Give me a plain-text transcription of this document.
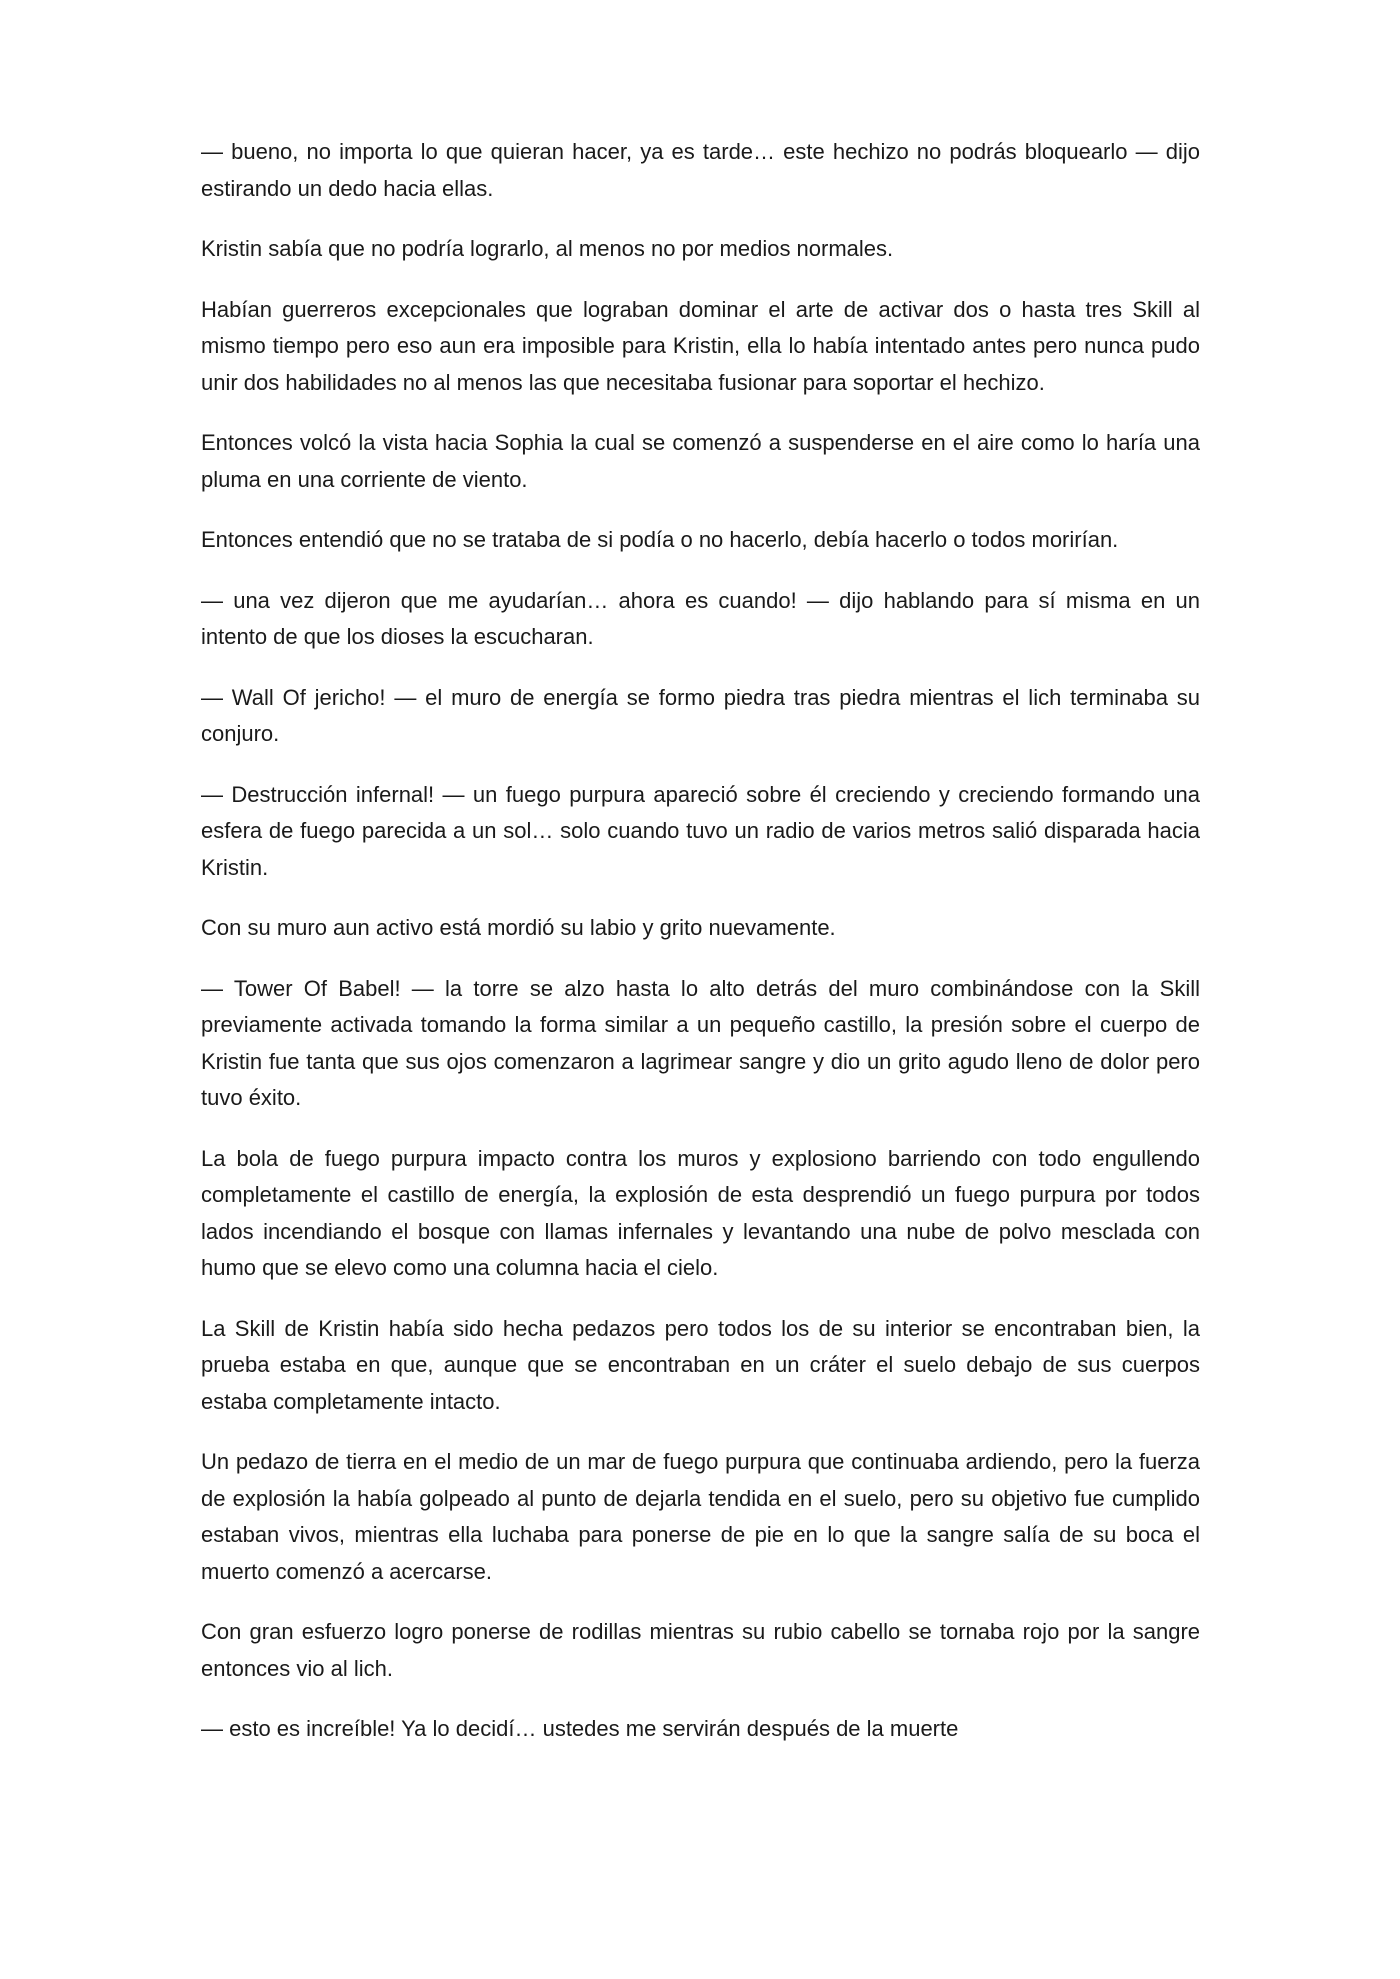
— bueno, no importa lo que quieran hacer, ya es tarde… este hechizo no podrás bloquearlo — dijo estirando un dedo hacia ellas.

Kristin sabía que no podría lograrlo, al menos no por medios normales.

Habían guerreros excepcionales que lograban dominar el arte de activar dos o hasta tres Skill al mismo tiempo pero eso aun era imposible para Kristin, ella lo había intentado antes pero nunca pudo unir dos habilidades no al menos las que necesitaba fusionar para soportar el hechizo.

Entonces volcó la vista hacia Sophia la cual se comenzó a suspenderse en el aire como lo haría una pluma en una corriente de viento.

Entonces entendió que no se trataba de si podía o no hacerlo, debía hacerlo o todos morirían.

— una vez dijeron que me ayudarían… ahora es cuando! — dijo hablando para sí misma en un intento de que los dioses la escucharan.

— Wall Of jericho! — el muro de energía se formo piedra tras piedra mientras el lich terminaba su conjuro.

— Destrucción infernal! — un fuego purpura apareció sobre él creciendo y creciendo formando una esfera de fuego parecida a un sol… solo cuando tuvo un radio de varios metros salió disparada hacia Kristin.

Con su muro aun activo está mordió su labio y grito nuevamente.

— Tower Of Babel! — la torre se alzo hasta lo alto detrás del muro combinándose con la Skill previamente activada tomando la forma similar a un pequeño castillo, la presión sobre el cuerpo de Kristin fue tanta que sus ojos comenzaron a lagrimear sangre y dio un grito agudo lleno de dolor pero tuvo éxito.

La bola de fuego purpura impacto contra los muros y explosiono barriendo con todo engullendo completamente el castillo de energía, la explosión de esta desprendió un fuego purpura por todos lados incendiando el bosque con llamas infernales y levantando una nube de polvo mesclada con humo que se elevo como una columna hacia el cielo.

La Skill de Kristin había sido hecha pedazos pero todos los de su interior se encontraban bien, la prueba estaba en que, aunque que se encontraban en un cráter el suelo debajo de sus cuerpos estaba completamente intacto.

Un pedazo de tierra en el medio de un mar de fuego purpura que continuaba ardiendo, pero la fuerza de explosión la había golpeado al punto de dejarla tendida en el suelo, pero su objetivo fue cumplido estaban vivos, mientras ella luchaba para ponerse de pie en lo que la sangre salía de su boca el muerto comenzó a acercarse.

Con gran esfuerzo logro ponerse de rodillas mientras su rubio cabello se tornaba rojo por la sangre entonces vio al lich.

— esto es increíble! Ya lo decidí… ustedes me servirán después de la muerte
